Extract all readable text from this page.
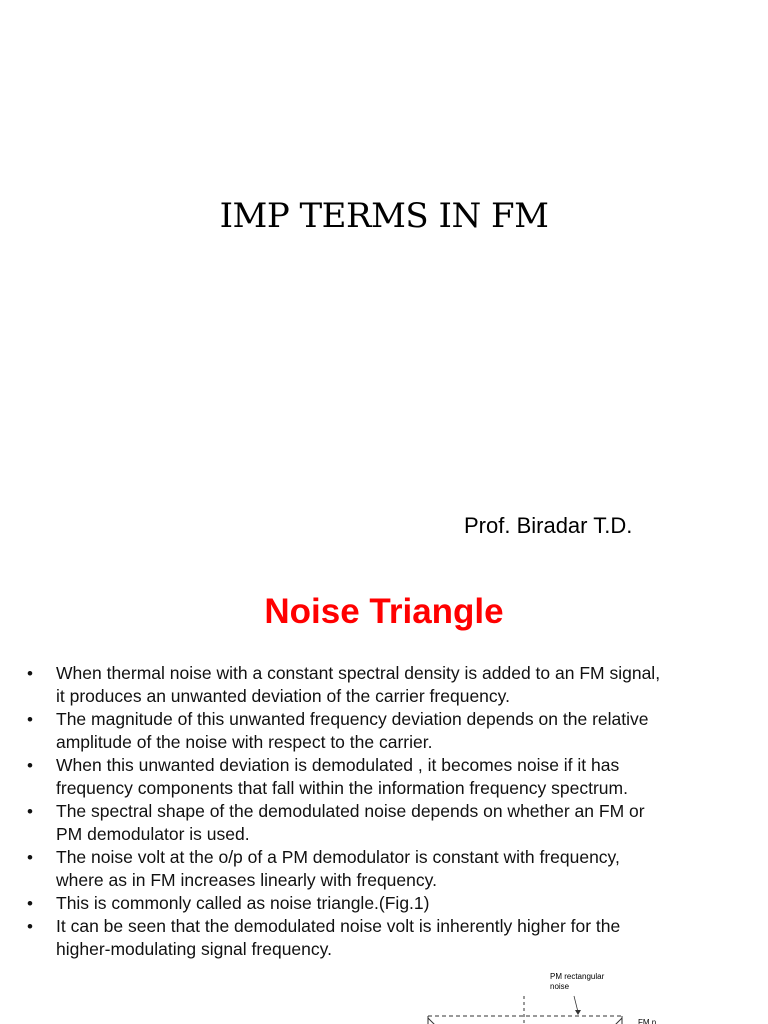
IMP TERMS IN FM
Prof. Biradar T.D.
Noise Triangle
• When thermal noise with a constant spectral density is added to an FM signal,
it produces an unwanted deviation of the carrier frequency.
• The magnitude of this unwanted frequency deviation depends on the relative
amplitude of the noise with respect to the carrier.
• When this unwanted deviation is demodulated , it becomes noise if it has
frequency components that fall within the information frequency spectrum.
• The spectral shape of the demodulated noise depends on whether an FM or
PM demodulator is used.
• The noise volt at the o/p of a PM demodulator is constant with frequency,
where as in FM increases linearly with frequency.
• This is commonly called as noise triangle.(Fig.1)
• It can be seen that the demodulated noise volt is inherently higher for the
higher-modulating signal frequency.
PM rectangular
noise
FM n
